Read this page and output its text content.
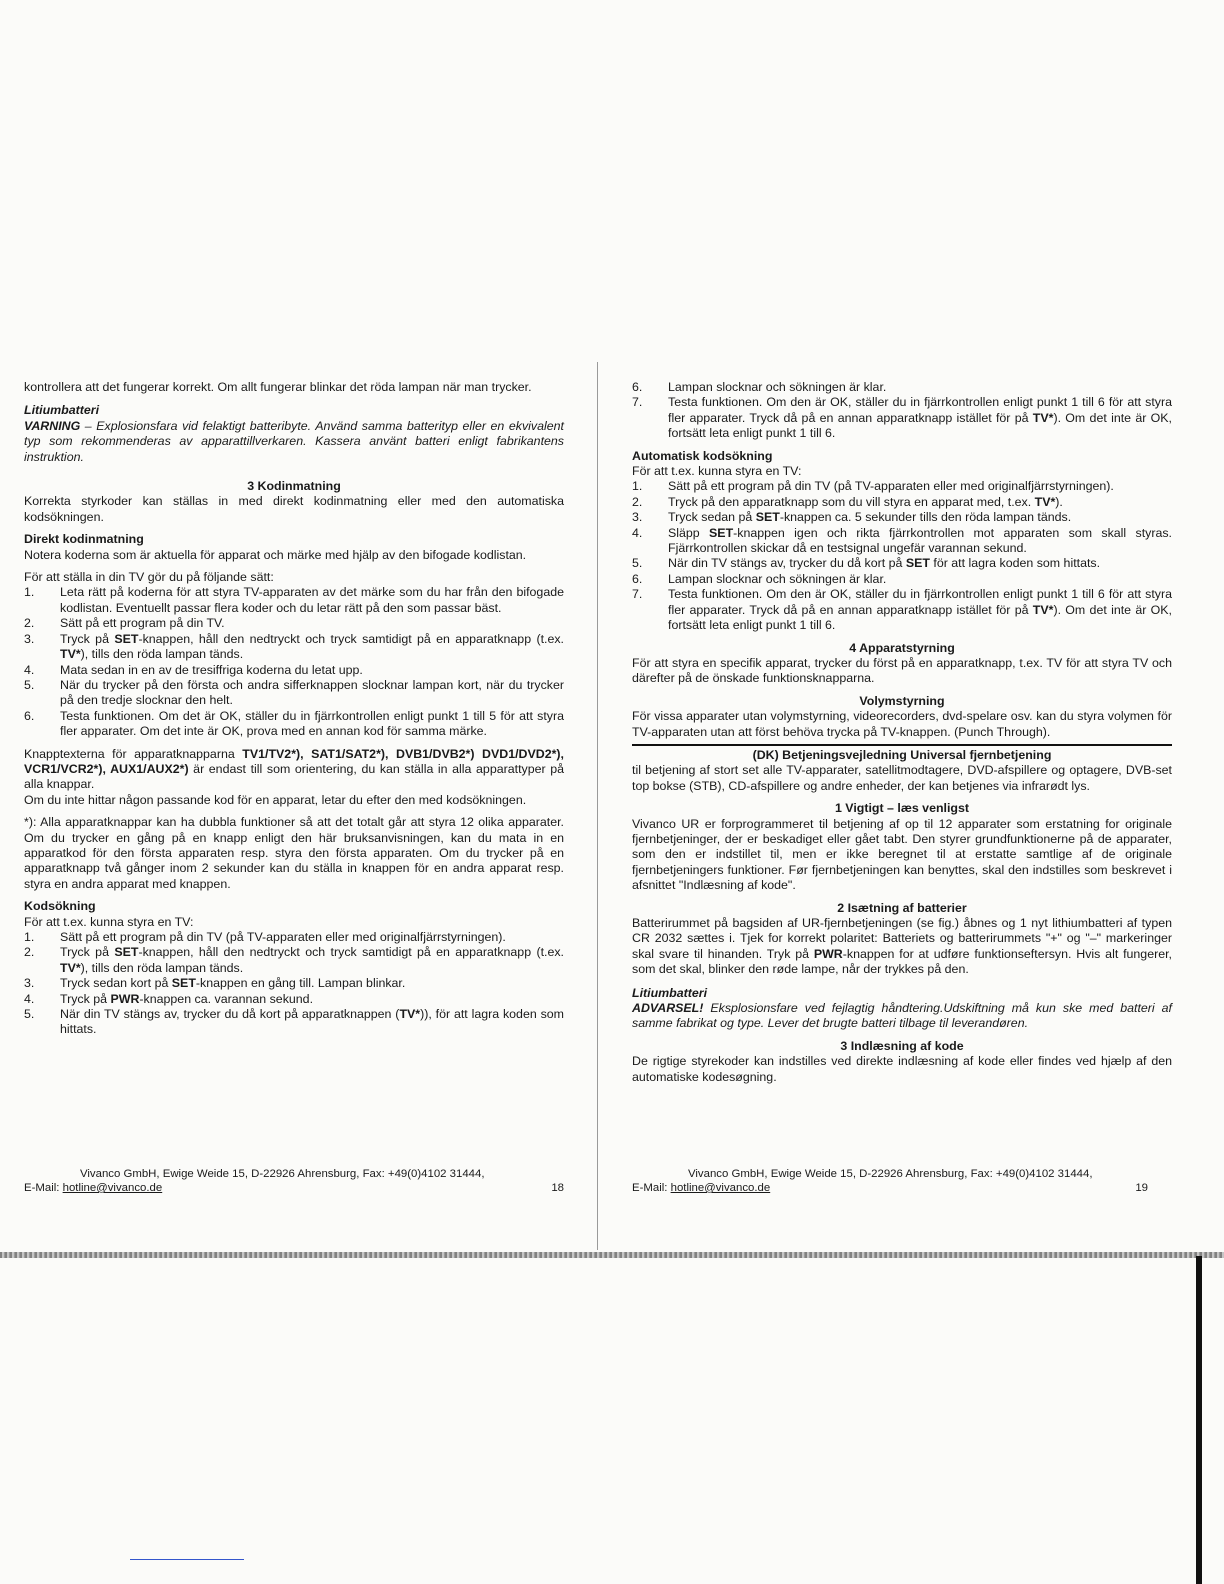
kontrollera att det fungerar korrekt. Om allt fungerar blinkar det röda lampan när man trycker.

Litiumbatteri

VARNING – Explosionsfara vid felaktigt batteribyte. Använd samma batterityp eller en ekvivalent typ som rekommenderas av apparattillverkaren. Kassera använt batteri enligt fabrikantens instruktion.

3 Kodinmatning

Korrekta styrkoder kan ställas in med direkt kodinmatning eller med den automatiska kodsökningen.

Direkt kodinmatning

Notera koderna som är aktuella för apparat och märke med hjälp av den bifogade kodlistan.

För att ställa in din TV gör du på följande sätt:

1.	Leta rätt på koderna för att styra TV-apparaten av det märke som du har från den bifogade kodlistan. Eventuellt passar flera koder och du letar rätt på den som passar bäst.
2.	Sätt på ett program på din TV.
3.	Tryck på SET-knappen, håll den nedtryckt och tryck samtidigt på en apparatknapp (t.ex. TV*), tills den röda lampan tänds.
4.	Mata sedan in en av de tresiffriga koderna du letat upp.
5.	När du trycker på den första och andra sifferknappen slocknar lampan kort, när du trycker på den tredje slocknar den helt.
6.	Testa funktionen. Om det är OK, ställer du in fjärrkontrollen enligt punkt 1 till 5 för att styra fler apparater. Om det inte är OK, prova med en annan kod för samma märke.

Knapptexterna för apparatknapparna TV1/TV2*), SAT1/SAT2*), DVB1/DVB2*) DVD1/DVD2*), VCR1/VCR2*), AUX1/AUX2*) är endast till som orientering, du kan ställa in alla apparattyper på alla knappar.

Om du inte hittar någon passande kod för en apparat, letar du efter den med kodsökningen.

*): Alla apparatknappar kan ha dubbla funktioner så att det totalt går att styra 12 olika apparater. Om du trycker en gång på en knapp enligt den här bruksanvisningen, kan du mata in en apparatkod för den första apparaten resp. styra den första apparaten. Om du trycker på en apparatknapp två gånger inom 2 sekunder kan du ställa in knappen för en andra apparat resp. styra en andra apparat med knappen.

Kodsökning

För att t.ex. kunna styra en TV:

1.	Sätt på ett program på din TV (på TV-apparaten eller med originalfjärrstyrningen).
2.	Tryck på SET-knappen, håll den nedtryckt och tryck samtidigt på en apparatknapp (t.ex. TV*), tills den röda lampan tänds.
3.	Tryck sedan kort på SET-knappen en gång till. Lampan blinkar.
4.	Tryck på PWR-knappen ca. varannan sekund.
5.	När din TV stängs av, trycker du då kort på apparatknappen (TV*)), för att lagra koden som hittats.
Vivanco GmbH, Ewige Weide 15, D-22926 Ahrensburg, Fax: +49(0)4102 31444,
E-Mail: hotline@vivanco.de	18
6.	Lampan slocknar och sökningen är klar.
7.	Testa funktionen. Om den är OK, ställer du in fjärrkontrollen enligt punkt 1 till 6 för att styra fler apparater. Tryck då på en annan apparatknapp istället för på TV*). Om det inte är OK, fortsätt leta enligt punkt 1 till 6.
Automatisk kodsökning

För att t.ex. kunna styra en TV:

1.	Sätt på ett program på din TV (på TV-apparaten eller med originalfjärrstyrningen).
2.	Tryck på den apparatknapp som du vill styra en apparat med, t.ex. TV*).
3.	Tryck sedan på SET-knappen ca. 5 sekunder tills den röda lampan tänds.
4.	Släpp SET-knappen igen och rikta fjärrkontrollen mot apparaten som skall styras. Fjärrkontrollen skickar då en testsignal ungefär varannan sekund.
5.	När din TV stängs av, trycker du då kort på SET för att lagra koden som hittats.
6.	Lampan slocknar och sökningen är klar.
7.	Testa funktionen. Om den är OK, ställer du in fjärrkontrollen enligt punkt 1 till 6 för att styra fler apparater. Tryck då på en annan apparatknapp istället för på TV*). Om det inte är OK, fortsätt leta enligt punkt 1 till 6.
4 Apparatstyrning

För att styra en specifik apparat, trycker du först på en apparatknapp, t.ex. TV för att styra TV och därefter på de önskade funktionsknapparna.

Volymstyrning

För vissa apparater utan volymstyrning, videorecorders, dvd-spelare osv. kan du styra volymen för TV-apparaten utan att först behöva trycka på TV-knappen. (Punch Through).

(DK) Betjeningsvejledning Universal fjernbetjening

til betjening af stort set alle TV-apparater, satellitmodtagere, DVD-afspillere og optagere, DVB-set top bokse (STB), CD-afspillere og andre enheder, der kan betjenes via infrarødt lys.

1 Vigtigt – læs venligst

Vivanco UR er forprogrammeret til betjening af op til 12 apparater som erstatning for originale fjernbetjeninger, der er beskadiget eller gået tabt. Den styrer grundfunktionerne på de apparater, som den er indstillet til, men er ikke beregnet til at erstatte samtlige af de originale fjernbetjeningers funktioner. Før fjernbetjeningen kan benyttes, skal den indstilles som beskrevet i afsnittet "Indlæsning af kode".

2 Isætning af batterier

Batterirummet på bagsiden af UR-fjernbetjeningen (se fig.) åbnes og 1 nyt lithiumbatteri af typen CR 2032 sættes i. Tjek for korrekt polaritet: Batteriets og batterirummets "+" og "–" markeringer skal svare til hinanden. Tryk på PWR-knappen for at udføre funktionseftersyn. Hvis alt fungerer, som det skal, blinker den røde lampe, når der trykkes på den.

Litiumbatteri

ADVARSEL! Eksplosionsfare ved fejlagtig håndtering.Udskiftning må kun ske med batteri af samme fabrikat og type. Lever det brugte batteri tilbage til leverandøren.

3 Indlæsning af kode

De rigtige styrekoder kan indstilles ved direkte indlæsning af kode eller findes ved hjælp af den automatiske kodesøgning.

Vivanco GmbH, Ewige Weide 15, D-22926 Ahrensburg, Fax: +49(0)4102 31444,
E-Mail: hotline@vivanco.de	19
